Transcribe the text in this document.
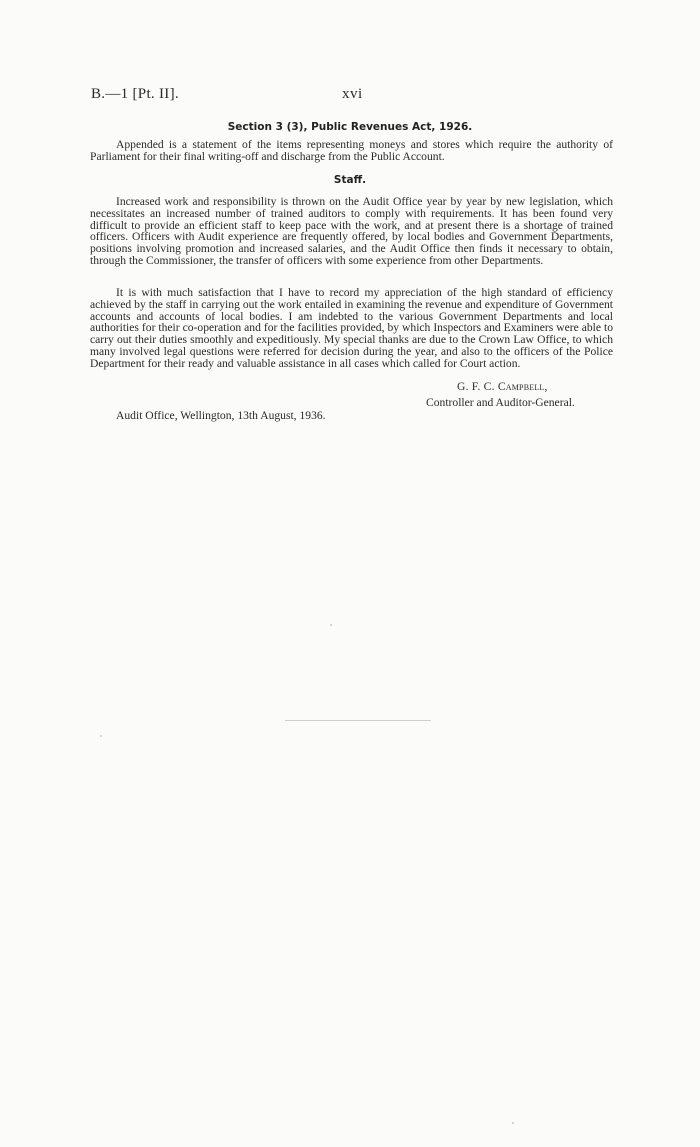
B.—1 [Pt. II].	xvi
Section 3 (3), Public Revenues Act, 1926.

Appended is a statement of the items representing moneys and stores which require the authority of Parliament for their final writing-off and discharge from the Public Account.

Staff.

Increased work and responsibility is thrown on the Audit Office year by year by new legislation, which necessitates an increased number of trained auditors to comply with requirements. It has been found very difficult to provide an efficient staff to keep pace with the work, and at present there is a shortage of trained officers. Officers with Audit experience are frequently offered, by local bodies and Government Departments, positions involving promotion and increased salaries, and the Audit Office then finds it necessary to obtain, through the Commissioner, the transfer of officers with some experience from other Departments.

It is with much satisfaction that I have to record my appreciation of the high standard of efficiency achieved by the staff in carrying out the work entailed in examining the revenue and expenditure of Government accounts and accounts of local bodies. I am indebted to the various Government Departments and local authorities for their co-operation and for the facilities provided, by which Inspectors and Examiners were able to carry out their duties smoothly and expeditiously. My special thanks are due to the Crown Law Office, to which many involved legal questions were referred for decision during the year, and also to the officers of the Police Department for their ready and valuable assistance in all cases which called for Court action.

G. F. C. Campbell,
Controller and Auditor-General.
Audit Office, Wellington, 13th August, 1936.
